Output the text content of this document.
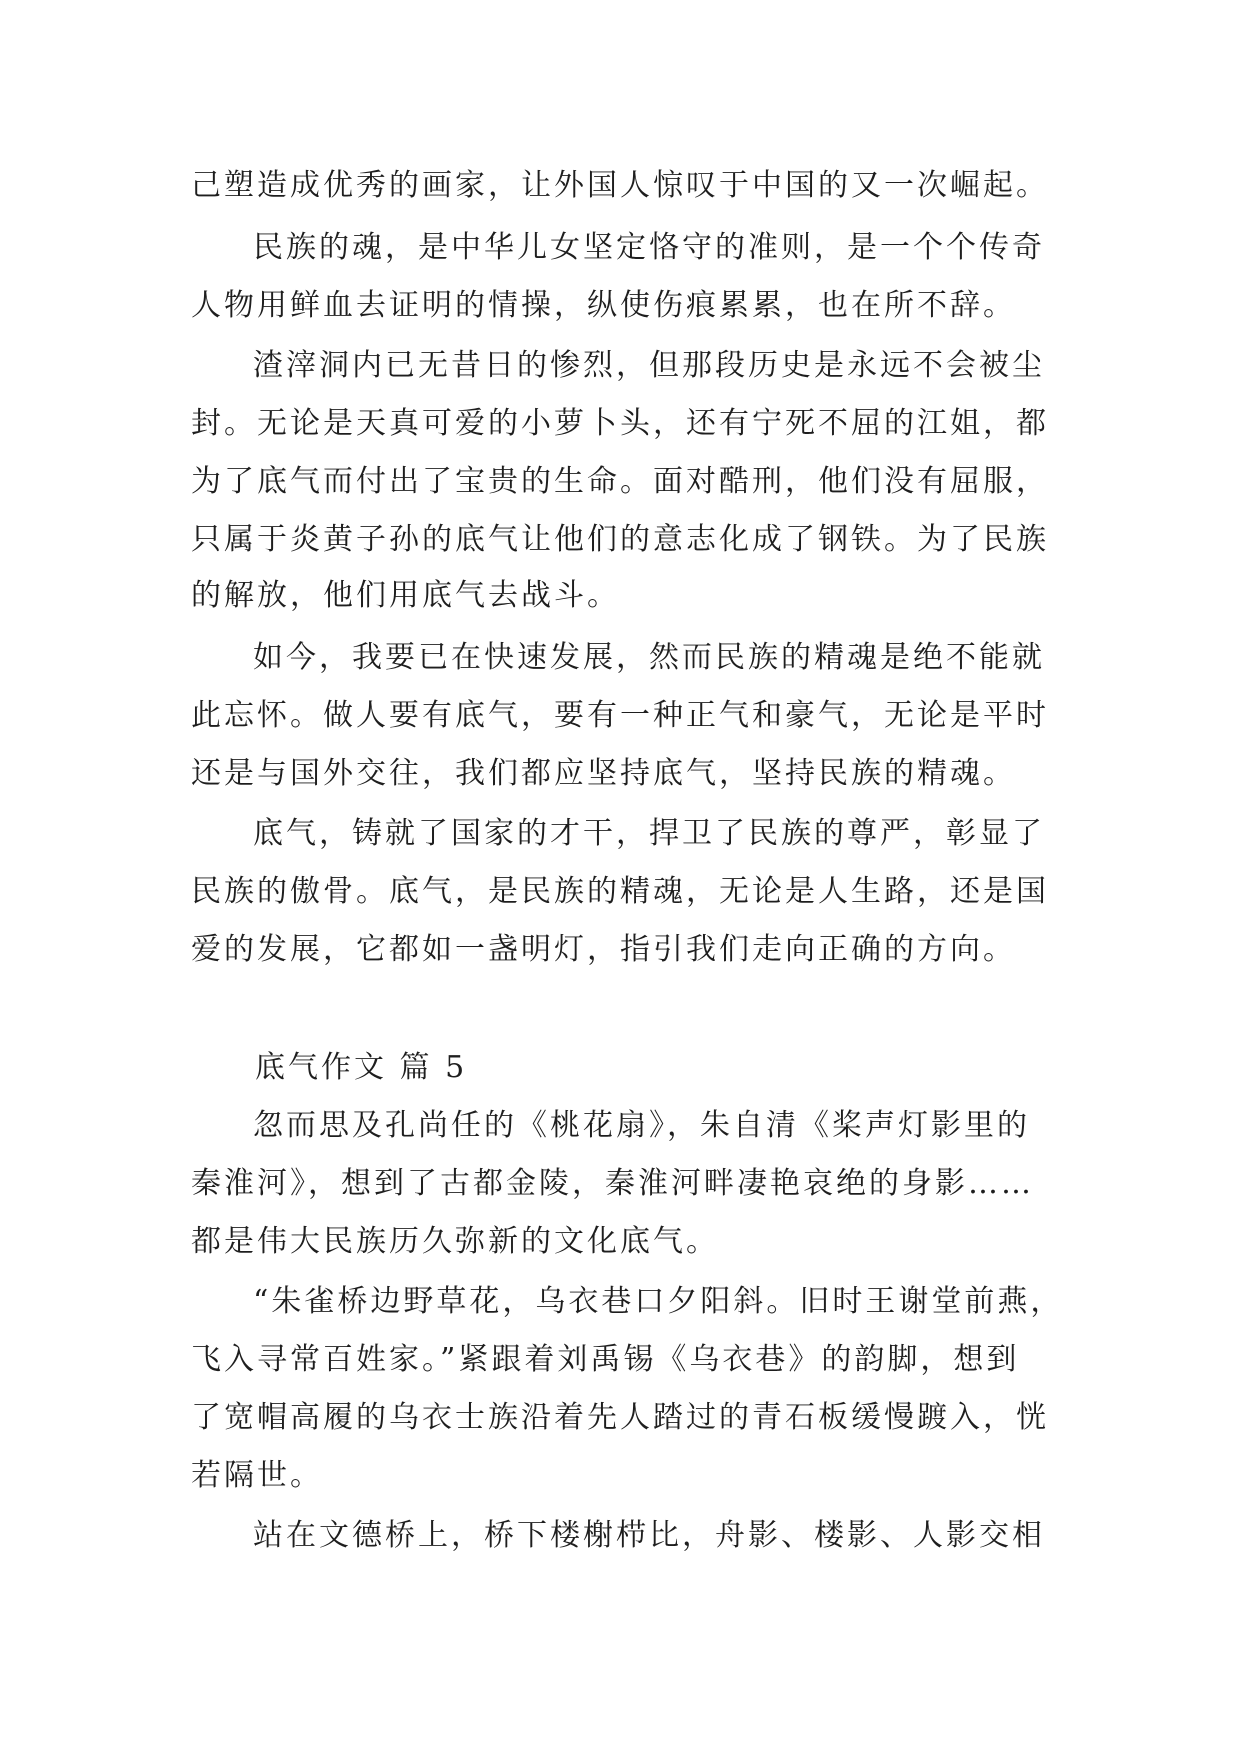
己塑造成优秀的画家，让外国人惊叹于中国的又一次崛起。
民族的魂，是中华儿女坚定恪守的准则，是一个个传奇
人物用鲜血去证明的情操，纵使伤痕累累，也在所不辞。
渣滓洞内已无昔日的惨烈，但那段历史是永远不会被尘
封。无论是天真可爱的小萝卜头，还有宁死不屈的江姐，都
为了底气而付出了宝贵的生命。面对酷刑，他们没有屈服，
只属于炎黄子孙的底气让他们的意志化成了钢铁。为了民族
的解放，他们用底气去战斗。
如今，我要已在快速发展，然而民族的精魂是绝不能就
此忘怀。做人要有底气，要有一种正气和豪气，无论是平时
还是与国外交往，我们都应坚持底气，坚持民族的精魂。
底气，铸就了国家的才干，捍卫了民族的尊严，彰显了
民族的傲骨。底气，是民族的精魂，无论是人生路，还是国
爱的发展，它都如一盏明灯，指引我们走向正确的方向。
底气作文 篇 5
忽而思及孔尚任的《桃花扇》，朱自清《桨声灯影里的
秦淮河》，想到了古都金陵，秦淮河畔凄艳哀绝的身影……
都是伟大民族历久弥新的文化底气。
“朱雀桥边野草花，乌衣巷口夕阳斜。旧时王谢堂前燕，
飞入寻常百姓家。”紧跟着刘禹锡《乌衣巷》的韵脚，想到
了宽帽高履的乌衣士族沿着先人踏过的青石板缓慢踱入，恍
若隔世。
站在文德桥上，桥下楼榭栉比，舟影、楼影、人影交相
